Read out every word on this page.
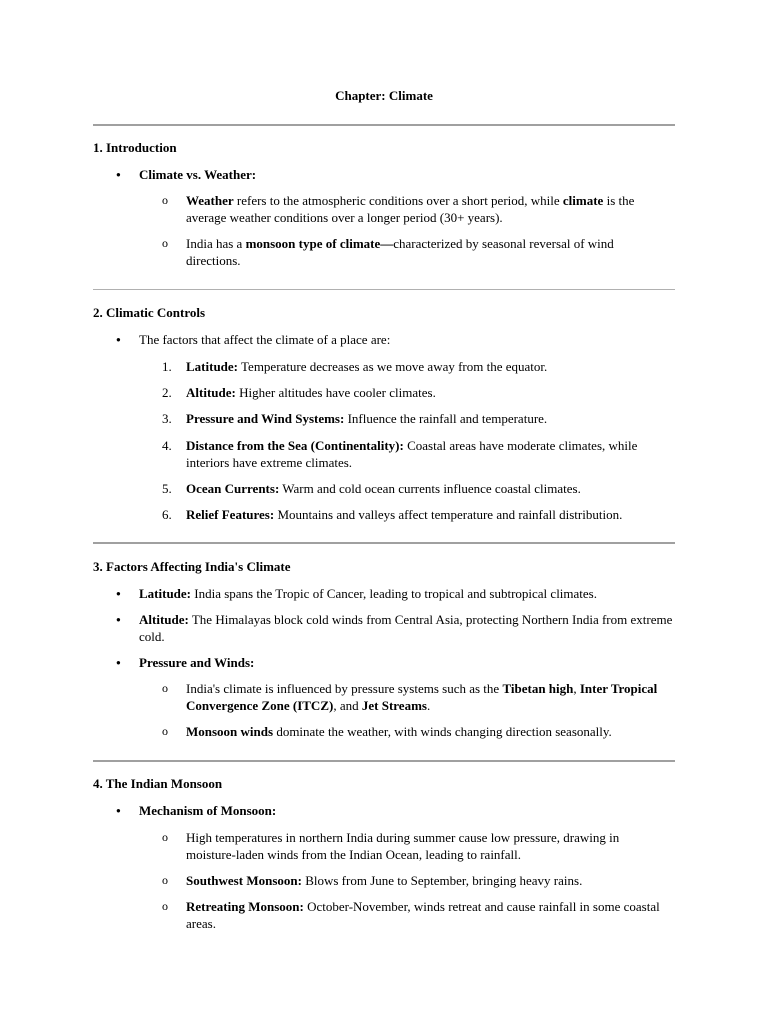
Chapter: Climate
1. Introduction
● Climate vs. Weather:
o Weather refers to the atmospheric conditions over a short period, while climate is the average weather conditions over a longer period (30+ years).
o India has a monsoon type of climate—characterized by seasonal reversal of wind directions.
2. Climatic Controls
● The factors that affect the climate of a place are:
1. Latitude: Temperature decreases as we move away from the equator.
2. Altitude: Higher altitudes have cooler climates.
3. Pressure and Wind Systems: Influence the rainfall and temperature.
4. Distance from the Sea (Continentality): Coastal areas have moderate climates, while interiors have extreme climates.
5. Ocean Currents: Warm and cold ocean currents influence coastal climates.
6. Relief Features: Mountains and valleys affect temperature and rainfall distribution.
3. Factors Affecting India's Climate
● Latitude: India spans the Tropic of Cancer, leading to tropical and subtropical climates.
● Altitude: The Himalayas block cold winds from Central Asia, protecting Northern India from extreme cold.
● Pressure and Winds:
o India's climate is influenced by pressure systems such as the Tibetan high, Inter Tropical Convergence Zone (ITCZ), and Jet Streams.
o Monsoon winds dominate the weather, with winds changing direction seasonally.
4. The Indian Monsoon
● Mechanism of Monsoon:
o High temperatures in northern India during summer cause low pressure, drawing in moisture-laden winds from the Indian Ocean, leading to rainfall.
o Southwest Monsoon: Blows from June to September, bringing heavy rains.
o Retreating Monsoon: October-November, winds retreat and cause rainfall in some coastal areas.
